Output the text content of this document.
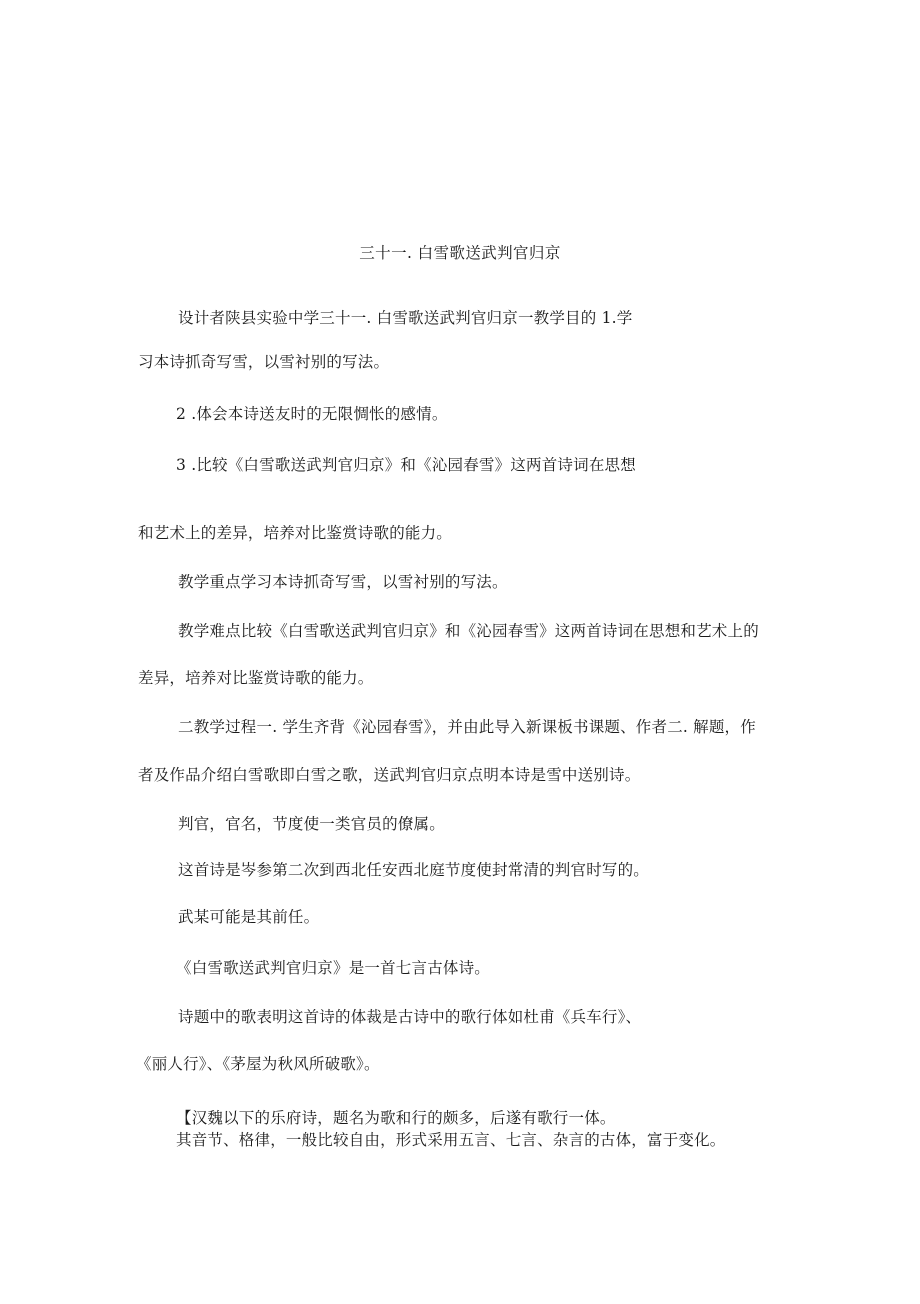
三十一. 白雪歌送武判官归京
设计者陕县实验中学三十一. 白雪歌送武判官归京一教学目的 1.学
习本诗抓奇写雪，以雪衬别的写法。
2 .体会本诗送友时的无限惆怅的感情。
3 .比较《白雪歌送武判官归京》和《沁园春雪》这两首诗词在思想
和艺术上的差异，培养对比鉴赏诗歌的能力。
教学重点学习本诗抓奇写雪，以雪衬别的写法。
教学难点比较《白雪歌送武判官归京》和《沁园春雪》这两首诗词在思想和艺术上的
差异，培养对比鉴赏诗歌的能力。
二教学过程一. 学生齐背《沁园春雪》，并由此导入新课板书课题、作者二. 解题，作
者及作品介绍白雪歌即白雪之歌，送武判官归京点明本诗是雪中送别诗。
判官，官名，节度使一类官员的僚属。
这首诗是岑参第二次到西北任安西北庭节度使封常清的判官时写的。
武某可能是其前任。
《白雪歌送武判官归京》是一首七言古体诗。
诗题中的歌表明这首诗的体裁是古诗中的歌行体如杜甫《兵车行》、
《丽人行》、《茅屋为秋风所破歌》。
【汉魏以下的乐府诗，题名为歌和行的颇多，后遂有歌行一体。
其音节、格律，一般比较自由，形式采用五言、七言、杂言的古体，富于变化。
